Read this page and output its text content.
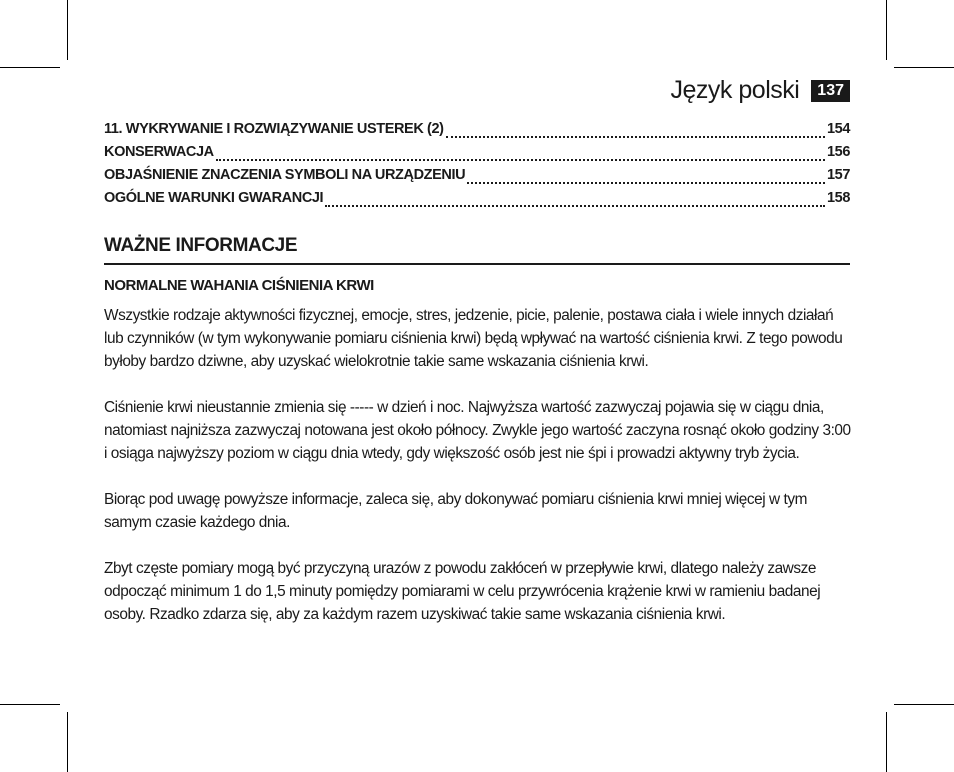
Język polski	137
11. WYKRYWANIE I ROZWIĄZYWANIE USTEREK (2)	154
KONSERWACJA	156
OBJAŚNIENIE ZNACZENIA SYMBOLI NA URZĄDZENIU	157
OGÓLNE WARUNKI GWARANCJI	158
WAŻNE INFORMACJE
NORMALNE WAHANIA CIŚNIENIA KRWI

Wszystkie rodzaje aktywności fizycznej, emocje, stres, jedzenie, picie, palenie, postawa ciała i wiele innych działań lub czynników (w tym wykonywanie pomiaru ciśnienia krwi) będą wpływać na wartość ciśnienia krwi. Z tego powodu byłoby bardzo dziwne, aby uzyskać wielokrotnie takie same wskazania ciśnienia krwi.

Ciśnienie krwi nieustannie zmienia się ----- w dzień i noc. Najwyższa wartość zazwyczaj pojawia się w ciągu dnia, natomiast najniższa zazwyczaj notowana jest około północy. Zwykle jego wartość zaczyna rosnąć około godziny 3:00 i osiąga najwyższy poziom w ciągu dnia wtedy, gdy większość osób jest nie śpi i prowadzi aktywny tryb życia.

Biorąc pod uwagę powyższe informacje, zaleca się, aby dokonywać pomiaru ciśnienia krwi mniej więcej w tym samym czasie każdego dnia.

Zbyt częste pomiary mogą być przyczyną urazów z powodu zakłóceń w przepływie krwi, dlatego należy zawsze odpocząć minimum 1 do 1,5 minuty pomiędzy pomiarami w celu przywrócenia krążenie krwi w ramieniu badanej osoby. Rzadko zdarza się, aby za każdym razem uzyskiwać takie same wskazania ciśnienia krwi.
